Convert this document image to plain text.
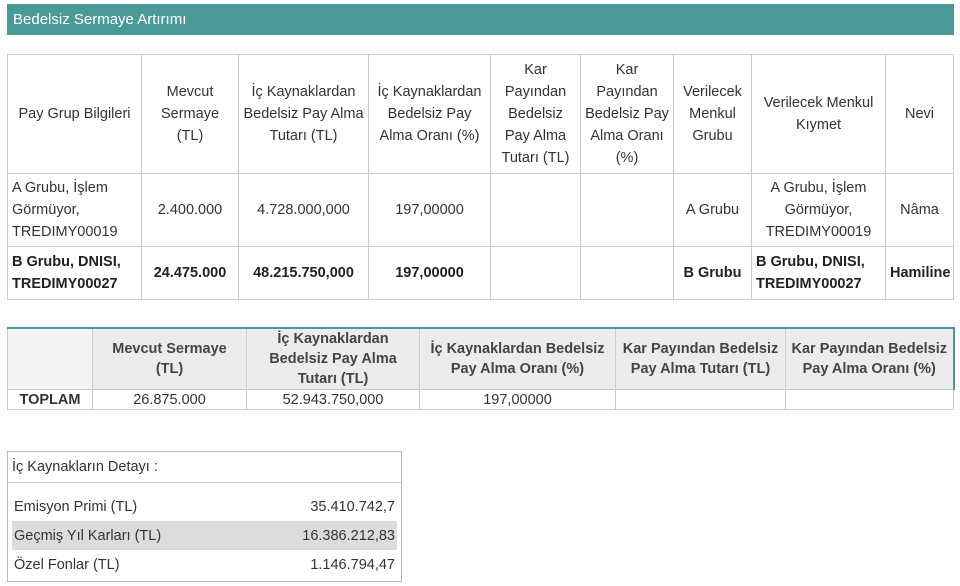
Bedelsiz Sermaye Artırımı
Pay Grup Bilgileri	Mevcut Sermaye (TL)	İç Kaynaklardan Bedelsiz Pay Alma Tutarı (TL)	İç Kaynaklardan Bedelsiz Pay Alma Oranı (%)	Kar Payından Bedelsiz Pay Alma Tutarı (TL)	Kar Payından Bedelsiz Pay Alma Oranı (%)	Verilecek Menkul Grubu	Verilecek Menkul Kıymet	Nevi
A Grubu, İşlem Görmüyor, TREDIMY00019	2.400.000	4.728.000,000	197,00000			A Grubu	A Grubu, İşlem Görmüyor, TREDIMY00019	Nâma
B Grubu, DNISI, TREDIMY00027	24.475.000	48.215.750,000	197,00000			B Grubu	B Grubu, DNISI, TREDIMY00027	Hamiline
	Mevcut Sermaye (TL)	İç Kaynaklardan Bedelsiz Pay Alma Tutarı (TL)	İç Kaynaklardan Bedelsiz Pay Alma Oranı (%)	Kar Payından Bedelsiz Pay Alma Tutarı (TL)	Kar Payından Bedelsiz Pay Alma Oranı (%)
TOPLAM	26.875.000	52.943.750,000	197,00000		
İç Kaynakların Detayı :
Emisyon Primi (TL)	35.410.742,7
Geçmiş Yıl Karları (TL)	16.386.212,83
Özel Fonlar (TL)	1.146.794,47
